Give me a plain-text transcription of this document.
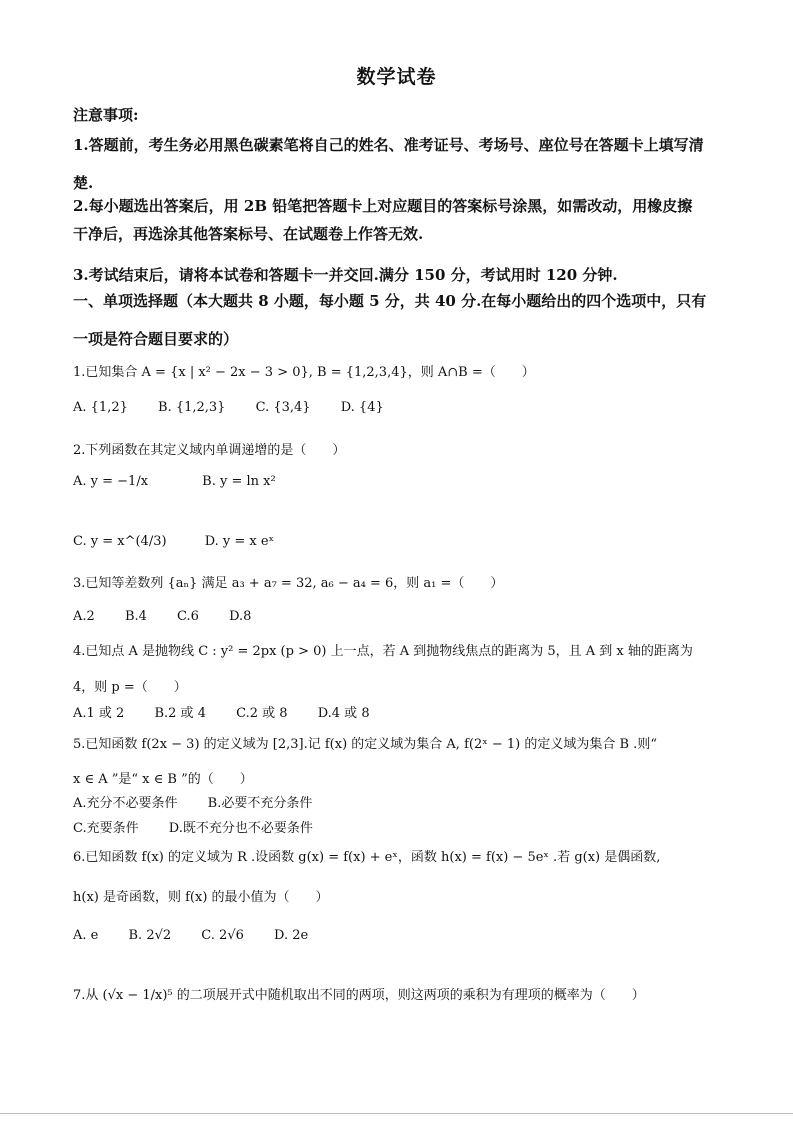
数学试卷
注意事项:
1.答题前，考生务必用黑色碳素笔将自己的姓名、准考证号、考场号、座位号在答题卡上填写清
楚.
2.每小题选出答案后，用 2B 铅笔把答题卡上对应题目的答案标号涂黑，如需改动，用橡皮擦
干净后，再选涂其他答案标号、在试题卷上作答无效.
3.考试结束后，请将本试卷和答题卡一并交回.满分 150 分，考试用时 120 分钟.
一、单项选择题（本大题共 8 小题，每小题 5 分，共 40 分.在每小题给出的四个选项中，只有
一项是符合题目要求的）
1.已知集合 A = {x | x² − 2x − 3 > 0}, B = {1,2,3,4}，则 A∩B =（　　）
A. {1,2} B. {1,2,3} C. {3,4} D. {4}
2.下列函数在其定义域内单调递增的是（　　）
A. y = −1/x	B. y = ln x²
C. y = x^(4/3)	D. y = x eˣ
3.已知等差数列 {aₙ} 满足 a₃ + a₇ = 32, a₆ − a₄ = 6，则 a₁ =（　　）
A.2 B.4 C.6 D.8
4.已知点 A 是抛物线 C : y² = 2px (p > 0) 上一点，若 A 到抛物线焦点的距离为 5，且 A 到 x 轴的距离为
4，则 p =（　　）
A.1 或 2 B.2 或 4 C.2 或 8 D.4 或 8
5.已知函数 f(2x − 3) 的定义域为 [2,3].记 f(x) 的定义域为集合 A, f(2ˣ − 1) 的定义域为集合 B .则“
x ∈ A ”是“ x ∈ B ”的（　　）
A.充分不必要条件 B.必要不充分条件
C.充要条件 D.既不充分也不必要条件
6.已知函数 f(x) 的定义域为 R .设函数 g(x) = f(x) + eˣ，函数 h(x) = f(x) − 5eˣ .若 g(x) 是偶函数,
h(x) 是奇函数，则 f(x) 的最小值为（　　）
A. e B. 2√2 C. 2√6 D. 2e
7.从 (√x − 1/x)⁵ 的二项展开式中随机取出不同的两项，则这两项的乘积为有理项的概率为（　　）
